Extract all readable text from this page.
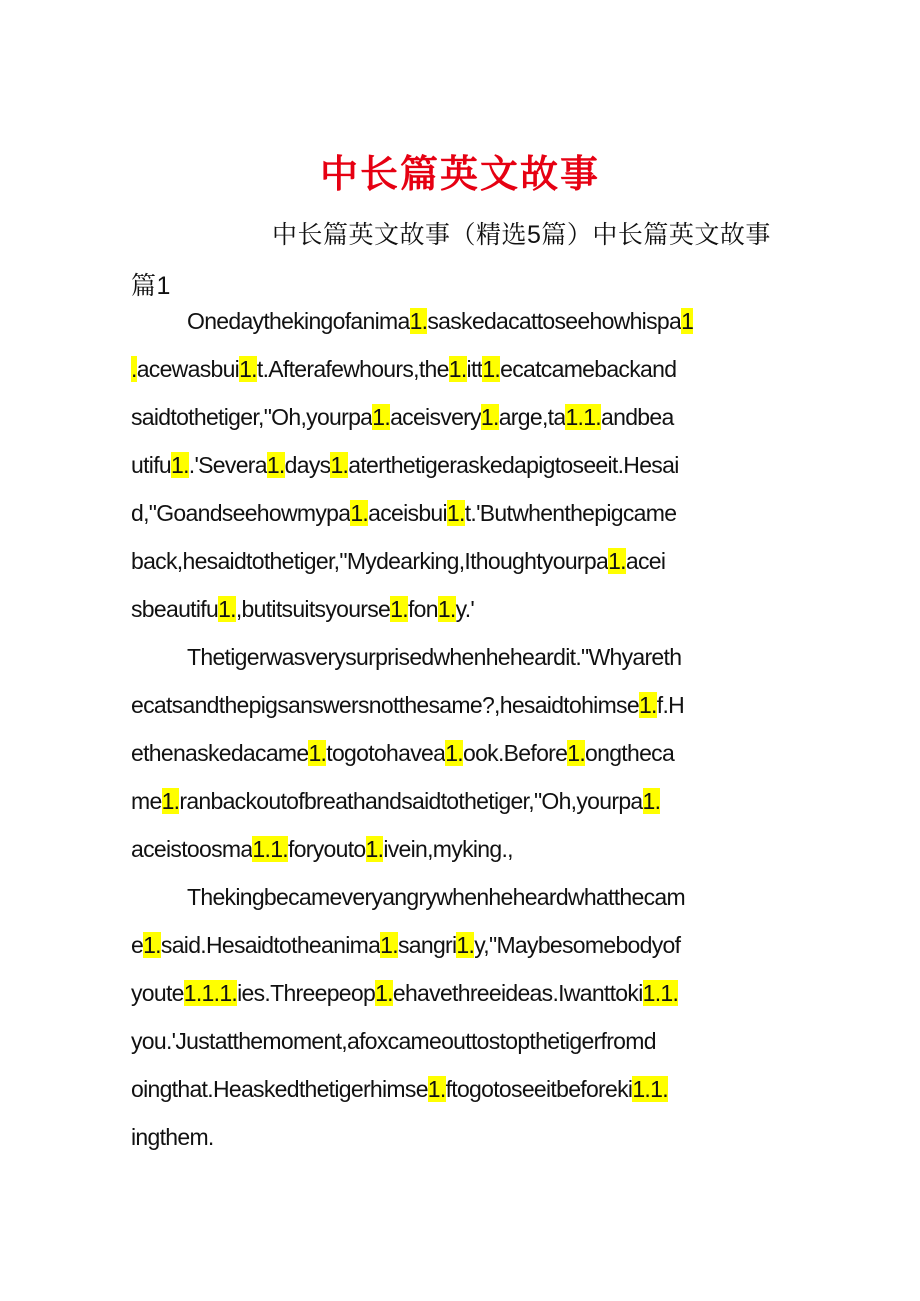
中长篇英文故事
中长篇英文故事（精选5篇）中长篇英文故事
篇1
Onedaythekingofanima1.saskedacattoseehowhispa1
.acewasbui1.t.Afterafewhours,the1.itt1.ecatcamebackand
saidtothetiger,"Oh,yourpa1.aceisvery1.arge,ta1.1.andbea
utifu1..'Severa1.days1.aterthetigeraskedapigtoseeit.Hesai
d,"Goandseehowmypa1.aceisbui1.t.'Butwhenthepigcame
back,hesaidtothetiger,"Mydearking,Ithoughtyourpa1.acei
sbeautifu1.,butitsuitsyourse1.fon1.y.'
Thetigerwasverysurprisedwhenheheardit."Whyareth
ecatsandthepigsanswersnotthesame?,hesaidtohimse1.f.H
ethenaskedacame1.togotohavea1.ook.Before1.ongtheca
me1.ranbackoutofbreathandsaidtothetiger,"Oh,yourpa1.
aceistoosma1.1.foryouto1.ivein,myking.,
Thekingbecameveryangrywhenheheardwhatthecam
e1.said.Hesaidtotheanima1.sangri1.y,"Maybesomebodyof
youte1.1.1.ies.Threepeop1.ehavethreeideas.Iwanttoki1.1.
you.'Justatthemoment,afoxcameouttostopthetigerfromd
oingthat.Heaskedthetigerhimse1.ftogotoseeitbeforeki1.1.
ingthem.
